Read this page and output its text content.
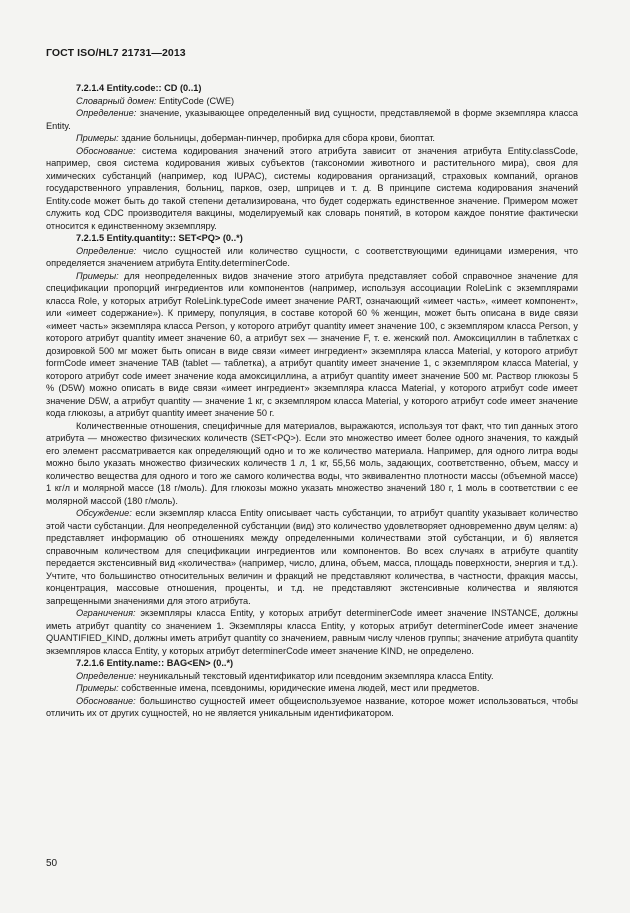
ГОСТ ISO/HL7 21731—2013

7.2.1.4 Entity.code:: CD (0..1)

Словарный домен: EntityCode (CWE)

Определение: значение, указывающее определенный вид сущности, представляемой в форме экземпляра класса Entity.

Примеры: здание больницы, доберман-пинчер, пробирка для сбора крови, биоптат.

Обоснование: система кодирования значений этого атрибута зависит от значения атрибута Entity.classCode, например, своя система кодирования живых субъектов (таксономии животного и растительного мира), своя для химических субстанций (например, код IUPAC), системы кодирования организаций, страховых компаний, органов государственного управления, больниц, парков, озер, шприцев и т. д. В принципе система кодирования значений Entity.code может быть до такой степени детализирована, что будет содержать единственное значение. Примером может служить код CDC производителя вакцины, моделируемый как словарь понятий, в котором каждое понятие фактически относится к единственному экземпляру.

7.2.1.5 Entity.quantity:: SET<PQ> (0..*)

Определение: число сущностей или количество сущности, с соответствующими единицами измерения, что определяется значением атрибута Entity.determinerCode.

Примеры: для неопределенных видов значение этого атрибута представляет собой справочное значение для спецификации пропорций ингредиентов или компонентов (например, используя ассоциации RoleLink с экземплярами класса Role, у которых атрибут RoleLink.typeCode имеет значение PART, означающий «имеет часть», «имеет компонент», или «имеет содержание»). К примеру, популяция, в составе которой 60 % женщин, может быть описана в виде связи «имеет часть» экземпляра класса Person, у которого атрибут quantity имеет значение 100, с экземпляром класса Person, у которого атрибут quantity имеет значение 60, а атрибут sex — значение F, т. е. женский пол. Амоксициллин в таблетках с дозировкой 500 мг может быть описан в виде связи «имеет ингредиент» экземпляра класса Material, у которого атрибут formCode имеет значение TAB (tablet — таблетка), а атрибут quantity имеет значение 1, с экземпляром класса Material, у которого атрибут code имеет значение кода амоксициллина, а атрибут quantity имеет значение 500 мг. Раствор глюкозы 5 % (D5W) можно описать в виде связи «имеет ингредиент» экземпляра класса Material, у которого атрибут code имеет значение D5W, а атрибут quantity — значение 1 кг, с экземпляром класса Material, у которого атрибут code имеет значение кода глюкозы, а атрибут quantity имеет значение 50 г.

Количественные отношения, специфичные для материалов, выражаются, используя тот факт, что тип данных этого атрибута — множество физических количеств (SET<PQ>). Если это множество имеет более одного значения, то каждый его элемент рассматривается как определяющий одно и то же количество материала. Например, для одного литра воды можно было указать множество физических количеств 1 л, 1 кг, 55,56 моль, задающих, соответственно, объем, массу и количество вещества для одного и того же самого количества воды, что эквивалентно плотности массы (объемной массе) 1 кг/л и молярной массе (18 г/моль). Для глюкозы можно указать множество значений 180 г, 1 моль в соответствии с ее молярной массой (180 г/моль).

Обсуждение: если экземпляр класса Entity описывает часть субстанции, то атрибут quantity указывает количество этой части субстанции. Для неопределенной субстанции (вид) это количество удовлетворяет одновременно двум целям: а) представляет информацию об отношениях между определенными количествами этой субстанции, и б) является справочным количеством для спецификации ингредиентов или компонентов. Во всех случаях в атрибуте quantity передается экстенсивный вид «количества» (например, число, длина, объем, масса, площадь поверхности, энергия и т.д.). Учтите, что большинство относительных величин и фракций не представляют количества, в частности, фракция массы, концентрация, массовые отношения, проценты, и т.д. не представляют экстенсивные количества и являются запрещенными значениями для этого атрибута.

Ограничения: экземпляры класса Entity, у которых атрибут determinerCode имеет значение INSTANCE, должны иметь атрибут quantity со значением 1. Экземпляры класса Entity, у которых атрибут determinerCode имеет значение QUANTIFIED_KIND, должны иметь атрибут quantity со значением, равным числу членов группы; значение атрибута quantity экземпляров класса Entity, у которых атрибут determinerCode имеет значение KIND, не определено.

7.2.1.6 Entity.name:: BAG<EN> (0..*)

Определение: неуникальный текстовый идентификатор или псевдоним экземпляра класса Entity.

Примеры: собственные имена, псевдонимы, юридические имена людей, мест или предметов.

Обоснование: большинство сущностей имеет общеиспользуемое название, которое может использоваться, чтобы отличить их от других сущностей, но не является уникальным идентификатором.

50
